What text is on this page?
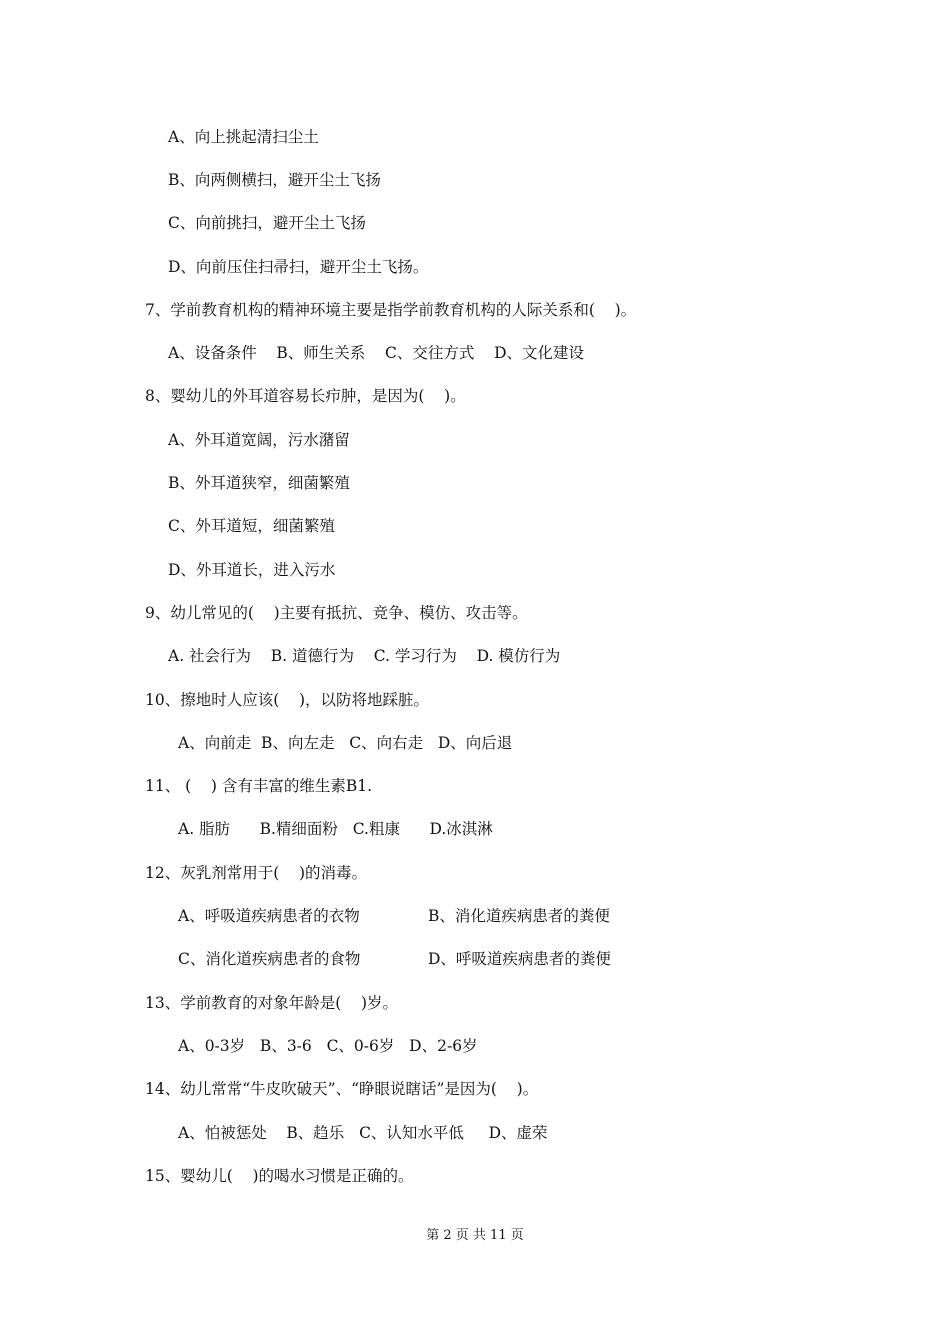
A、向上挑起清扫尘土

B、向两侧横扫，避开尘土飞扬

C、向前挑扫，避开尘土飞扬

D、向前压住扫帚扫，避开尘土飞扬。

7、学前教育机构的精神环境主要是指学前教育机构的人际关系和(    )。

A、设备条件    B、师生关系    C、交往方式    D、文化建设

8、婴幼儿的外耳道容易长疖肿，是因为(    )。

A、外耳道宽阔，污水潴留

B、外耳道狭窄，细菌繁殖

C、外耳道短，细菌繁殖

D、外耳道长，进入污水

9、幼儿常见的(    )主要有抵抗、竞争、模仿、攻击等。

A. 社会行为    B. 道德行为    C. 学习行为    D. 模仿行为

10、擦地时人应该(    )，以防将地踩脏。

A、向前走  B、向左走   C、向右走   D、向后退

11、 (    ) 含有丰富的维生素B1.

A. 脂肪      B.精细面粉   C.粗康      D.冰淇淋

12、灰乳剂常用于(    )的消毒。

A、呼吸道疾病患者的衣物	B、消化道疾病患者的粪便

C、消化道疾病患者的食物	D、呼吸道疾病患者的粪便

13、学前教育的对象年龄是(    )岁。

A、0-3岁   B、3-6   C、0-6岁   D、2-6岁

14、幼儿常常“牛皮吹破天”、“睁眼说瞎话”是因为(    )。

A、怕被惩处    B、趋乐   C、认知水平低     D、虚荣

15、婴幼儿(    )的喝水习惯是正确的。

第 2 页 共 11 页
